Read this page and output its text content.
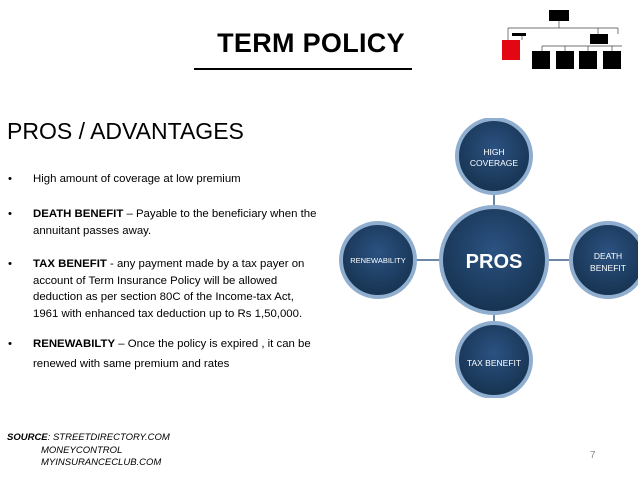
TERM POLICY
PROS / ADVANTAGES
• High amount of coverage at low premium
• DEATH BENEFIT – Payable to the beneficiary when the
annuitant passes away.
• TAX BENEFIT - any payment made by a tax payer on
account of Term Insurance Policy will be allowed
deduction as per section 80C of the Income-tax Act,
1961 with enhanced tax deduction up to Rs 1,50,000.
• RENEWABILTY – Once the policy is expired , it can be
renewed with same premium and rates
HIGH
COVERAGE
RENEWABILITY	DEATH
BENEFIT
TAX BENEFIT
PROS
SOURCE: STREETDIRECTORY.COM
MONEYCONTROL
MYINSURANCECLUB.COM
7
